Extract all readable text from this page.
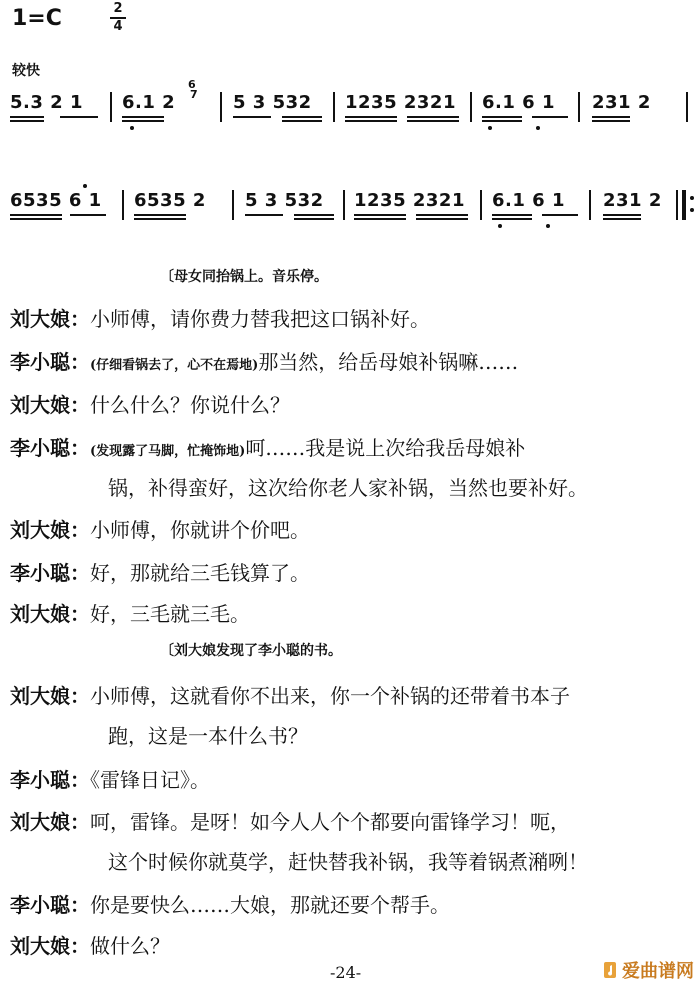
1=C	2
4
较快
5.3 2 1 6.1 2
6
7 5 3 532 1235 2321 6.1 6 1 231 2
6535 6 1 6535 2 5 3 532 1235 2321 6.1 6 1 231 2
〔母女同抬锅上。音乐停。
刘大娘：小师傅，请你费力替我把这口锅补好。
李小聪：(仔细看锅去了，心不在焉地)那当然，给岳母娘补锅嘛……
刘大娘：什么什么？你说什么？
李小聪：(发现露了马脚，忙掩饰地)呵……我是说上次给我岳母娘补
锅，补得蛮好，这次给你老人家补锅，当然也要补好。
刘大娘：小师傅，你就讲个价吧。
李小聪：好，那就给三毛钱算了。
刘大娘：好，三毛就三毛。
〔刘大娘发现了李小聪的书。
刘大娘：小师傅，这就看你不出来，你一个补锅的还带着书本子
跑，这是一本什么书？
李小聪：《雷锋日记》。
刘大娘：呵，雷锋。是呀！如今人人个个都要向雷锋学习！呃，
这个时候你就莫学，赶快替我补锅，我等着锅煮潲咧！
李小聪：你是要快么……大娘，那就还要个帮手。
刘大娘：做什么？
-24-	爱曲谱网
